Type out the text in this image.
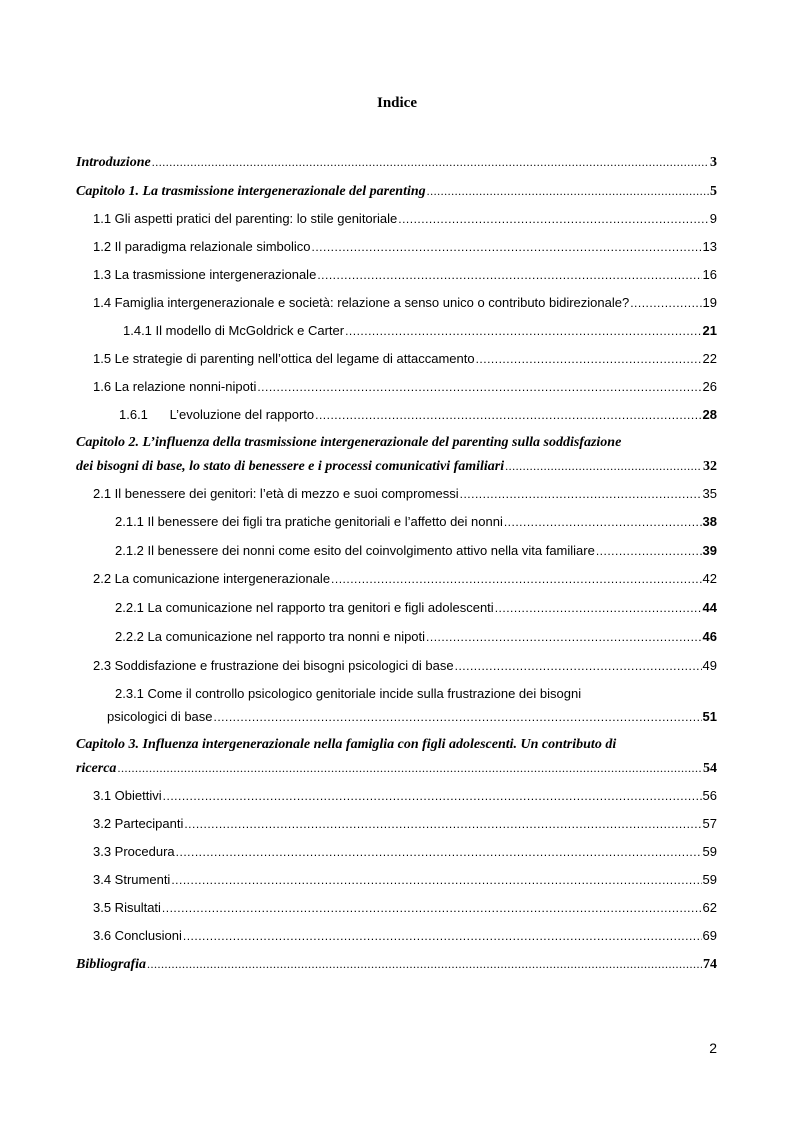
Indice
Introduzione .....	3
Capitolo 1. La trasmissione intergenerazionale del parenting .....	5
1.1 Gli aspetti pratici del parenting: lo stile genitoriale .....	9
1.2 Il paradigma relazionale simbolico .....	13
1.3 La trasmissione intergenerazionale .....	16
1.4 Famiglia intergenerazionale e società: relazione a senso unico o contributo bidirezionale? .....	19
1.4.1 Il modello di McGoldrick e Carter .....	21
1.5 Le strategie di parenting nell’ottica del legame di attaccamento .....	22
1.6 La relazione nonni-nipoti .....	26
1.6.1      L’evoluzione del rapporto .....	28
Capitolo 2. L’influenza della trasmissione intergenerazionale del parenting sulla soddisfazione
dei bisogni di base, lo stato di benessere e i processi comunicativi familiari .....	32
2.1 Il benessere dei genitori: l’età di mezzo e suoi compromessi .....	35
2.1.1 Il benessere dei figli tra pratiche genitoriali e l’affetto dei nonni .....	38
2.1.2 Il benessere dei nonni come esito del coinvolgimento attivo nella vita familiare .....	39
2.2 La comunicazione intergenerazionale .....	42
2.2.1 La comunicazione nel rapporto tra genitori e figli adolescenti .....	44
2.2.2 La comunicazione nel rapporto tra nonni e nipoti .....	46
2.3 Soddisfazione e frustrazione dei bisogni psicologici di base .....	49
2.3.1 Come il controllo psicologico genitoriale incide sulla frustrazione dei bisogni
psicologici di base .....	51
Capitolo 3. Influenza intergenerazionale nella famiglia con figli adolescenti. Un contributo di
ricerca .....	54
3.1 Obiettivi .....	56
3.2 Partecipanti .....	57
3.3 Procedura .....	59
3.4 Strumenti .....	59
3.5 Risultati .....	62
3.6 Conclusioni .....	69
Bibliografia .....	74
2
